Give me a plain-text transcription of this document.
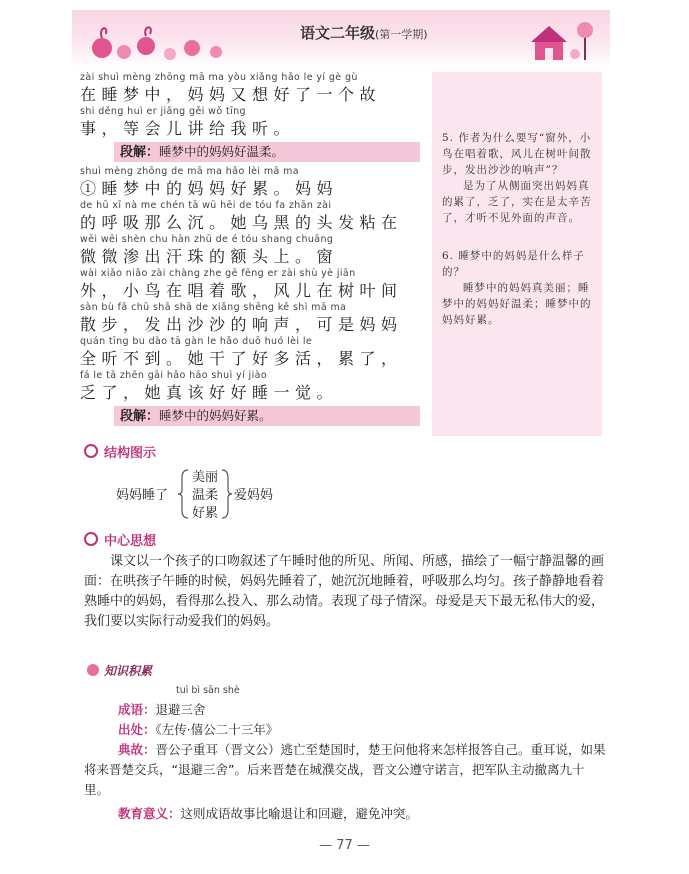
语文二年级(第一学期)
zài shuì mèng zhōng mā ma yòu xiǎng hǎo le yí gè gù
在睡梦中，妈妈又想好了一个故
shi děng huì er jiǎng gěi wǒ tīng
事，等会儿讲给我听。
段解：睡梦中的妈妈好温柔。
shuì mèng zhōng de mā ma hǎo lèi mā ma
①睡梦中的妈妈好累。妈妈
de hū xī nà me chén tā wū hēi de tóu fa zhān zài
的呼吸那么沉。她乌黑的头发粘在
wēi wēi shèn chu hàn zhū de é tóu shang chuāng
微微渗出汗珠的额头上。窗
wài xiǎo niǎo zài chàng zhe gē fēng er zài shù yè jiān
外，小鸟在唱着歌，风儿在树叶间
sàn bù fā chū shā shā de xiǎng shēng kě shì mā ma
散步，发出沙沙的响声，可是妈妈
quán tīng bu dào tā gàn le hǎo duō huó lèi le
全听不到。她干了好多活，累了，
fá le tā zhēn gāi hǎo hāo shuì yí jiào
乏了，她真该好好睡一觉。
段解：睡梦中的妈妈好累。

5. 作者为什么要写“窗外，小鸟在唱着歌，风儿在树叶间散步，发出沙沙的响声”？

是为了从侧面突出妈妈真的累了，乏了，实在是太辛苦了，才听不见外面的声音。

6. 睡梦中的妈妈是什么样子的？

睡梦中的妈妈真美丽；睡梦中的妈妈好温柔；睡梦中的妈妈好累。

结构图示
妈妈睡了
美丽
温柔
好累
爱妈妈
中心思想
课文以一个孩子的口吻叙述了午睡时他的所见、所闻、所感，描绘了一幅宁静温馨的画面：在哄孩子午睡的时候，妈妈先睡着了，她沉沉地睡着，呼吸那么均匀。孩子静静地看着熟睡中的妈妈，看得那么投入、那么动情。表现了母子情深。母爱是天下最无私伟大的爱，我们要以实际行动爱我们的妈妈。
知识积累
tuì bì sān shè
成语：退避三舍
出处：《左传·僖公二十三年》
典故：晋公子重耳（晋文公）逃亡至楚国时，楚王问他将来怎样报答自己。重耳说，如果将来晋楚交兵，“退避三舍”。后来晋楚在城濮交战，晋文公遵守诺言，把军队主动撤离九十里。
教育意义：这则成语故事比喻退让和回避，避免冲突。
— 77 —
